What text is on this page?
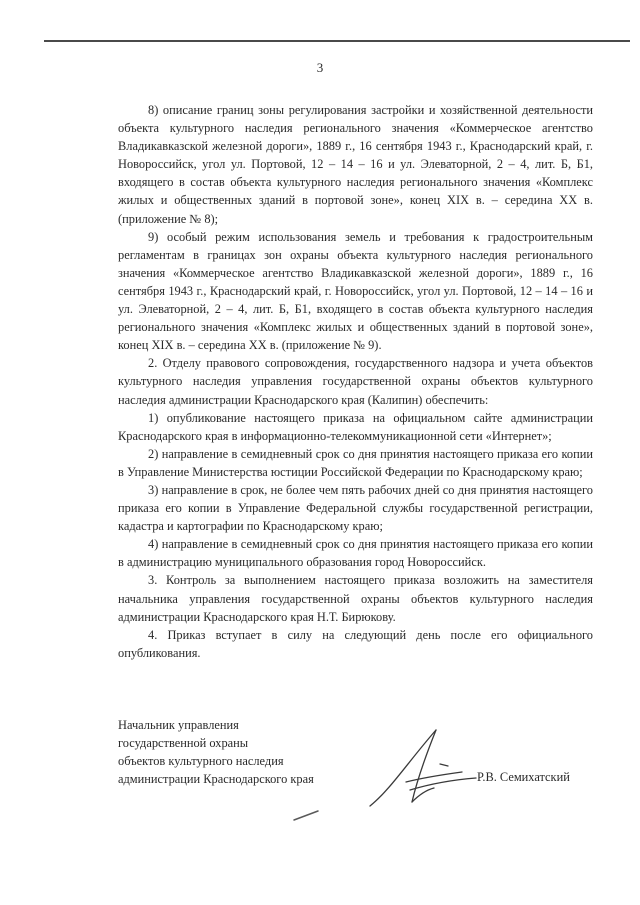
3

8) описание границ зоны регулирования застройки и хозяйственной деятельности объекта культурного наследия регионального значения «Коммерческое агентство Владикавказской железной дороги», 1889 г., 16 сентября 1943 г., Краснодарский край, г. Новороссийск, угол ул. Портовой, 12 – 14 – 16 и ул. Элеваторной, 2 – 4, лит. Б, Б1, входящего в состав объекта культурного наследия регионального значения «Комплекс жилых и общественных зданий в портовой зоне», конец XIX в. – середина XX в. (приложение № 8);

9) особый режим использования земель и требования к градостроительным регламентам в границах зон охраны объекта культурного наследия регионального значения «Коммерческое агентство Владикавказской железной дороги», 1889 г., 16 сентября 1943 г., Краснодарский край, г. Новороссийск, угол ул. Портовой, 12 – 14 – 16 и ул. Элеваторной, 2 – 4, лит. Б, Б1, входящего в состав объекта культурного наследия регионального значения «Комплекс жилых и общественных зданий в портовой зоне», конец XIX в. – середина XX в. (приложение № 9).

2. Отделу правового сопровождения, государственного надзора и учета объектов культурного наследия управления государственной охраны объектов культурного наследия администрации Краснодарского края (Калипин) обеспечить:

1) опубликование настоящего приказа на официальном сайте администрации Краснодарского края в информационно-телекоммуникационной сети «Интернет»;

2) направление в семидневный срок со дня принятия настоящего приказа его копии в Управление Министерства юстиции Российской Федерации по Краснодарскому краю;

3) направление в срок, не более чем пять рабочих дней со дня принятия настоящего приказа его копии в Управление Федеральной службы государственной регистрации, кадастра и картографии по Краснодарскому краю;

4) направление в семидневный срок со дня принятия настоящего приказа его копии в администрацию муниципального образования город Новороссийск.

3. Контроль за выполнением настоящего приказа возложить на заместителя начальника управления государственной охраны объектов культурного наследия администрации Краснодарского края Н.Т. Бирюкову.

4. Приказ вступает в силу на следующий день после его официального опубликования.

Начальник управления
государственной охраны
объектов культурного наследия
администрации Краснодарского края	Р.В. Семихатский
